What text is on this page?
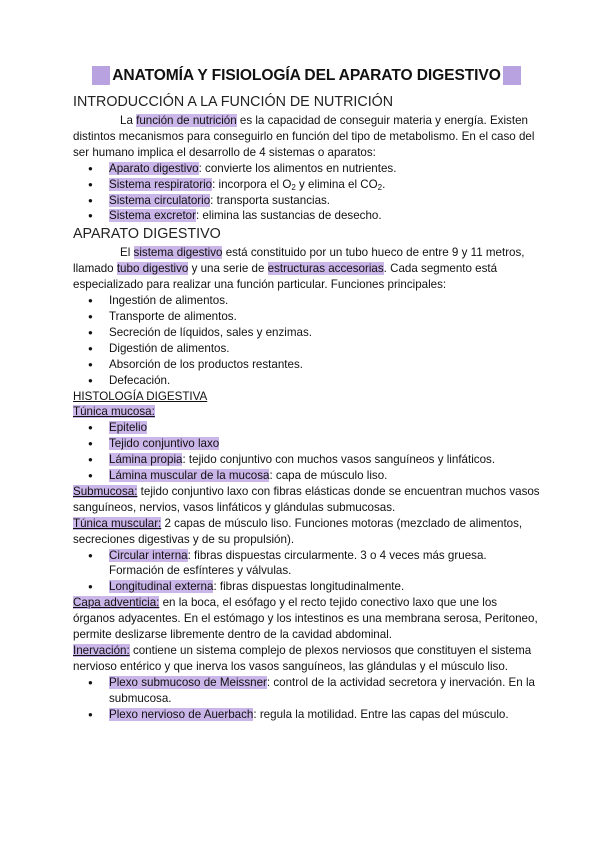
ANATOMÍA Y FISIOLOGÍA DEL APARATO DIGESTIVO
INTRODUCCIÓN A LA FUNCIÓN DE NUTRICIÓN

La función de nutrición es la capacidad de conseguir materia y energía. Existen distintos mecanismos para conseguirlo en función del tipo de metabolismo. En el caso del ser humano implica el desarrollo de 4 sistemas o aparatos:

● Aparato digestivo: convierte los alimentos en nutrientes.
● Sistema respiratorio: incorpora el $O_2$ y elimina el $CO_2$.
● Sistema circulatorio: transporta sustancias.
● Sistema excretor: elimina las sustancias de desecho.
APARATO DIGESTIVO

El sistema digestivo está constituido por un tubo hueco de entre 9 y 11 metros, llamado tubo digestivo y una serie de estructuras accesorias. Cada segmento está especializado para realizar una función particular. Funciones principales:

● Ingestión de alimentos.
● Transporte de alimentos.
● Secreción de líquidos, sales y enzimas.
● Digestión de alimentos.
● Absorción de los productos restantes.
● Defecación.

HISTOLOGÍA DIGESTIVA

Túnica mucosa:

● Epitelio
● Tejido conjuntivo laxo
● Lámina propia: tejido conjuntivo con muchos vasos sanguíneos y linfáticos.
● Lámina muscular de la mucosa: capa de músculo liso.

Submucosa: tejido conjuntivo laxo con fibras elásticas donde se encuentran muchos vasos sanguíneos, nervios, vasos linfáticos y glándulas submucosas.

Túnica muscular: 2 capas de músculo liso. Funciones motoras (mezclado de alimentos, secreciones digestivas y de su propulsión).

● Circular interna: fibras dispuestas circularmente. 3 o 4 veces más gruesa. Formación de esfínteres y válvulas.
● Longitudinal externa: fibras dispuestas longitudinalmente.

Capa adventicia: en la boca, el esófago y el recto tejido conectivo laxo que une los órganos adyacentes. En el estómago y los intestinos es una membrana serosa, Peritoneo, permite deslizarse libremente dentro de la cavidad abdominal.

Inervación: contiene un sistema complejo de plexos nerviosos que constituyen el sistema nervioso entérico y que inerva los vasos sanguíneos, las glándulas y el músculo liso.

● Plexo submucoso de Meissner: control de la actividad secretora y inervación. En la submucosa.
● Plexo nervioso de Auerbach: regula la motilidad. Entre las capas del músculo.
